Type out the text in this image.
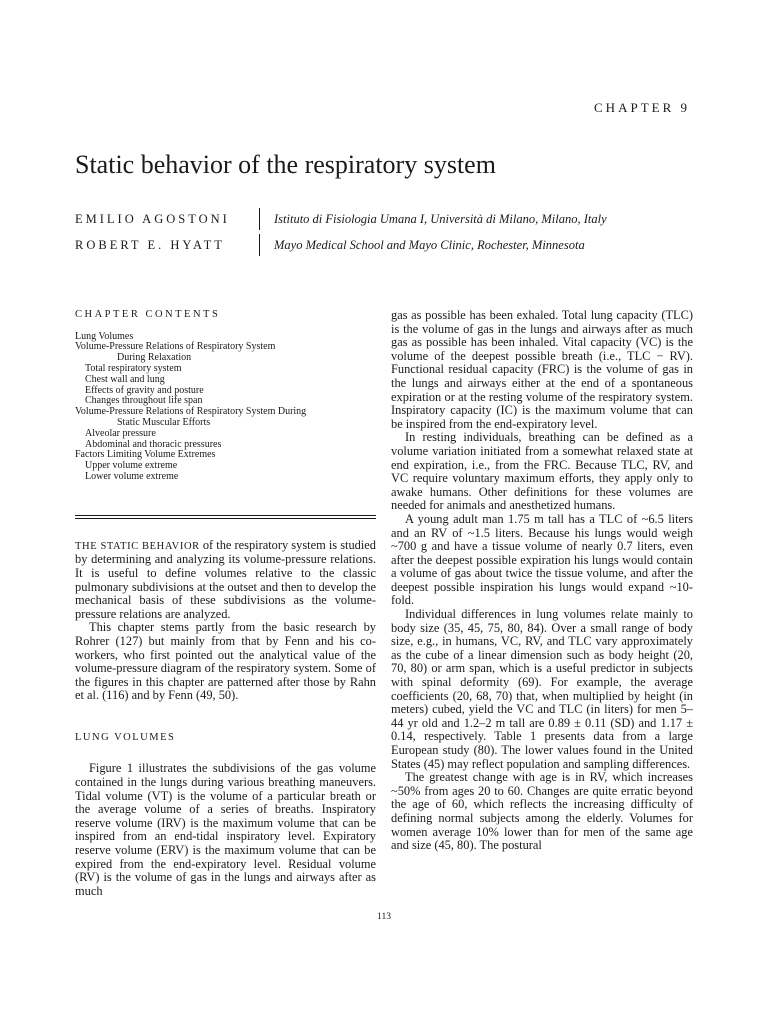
CHAPTER 9
Static behavior of the respiratory system
EMILIO AGOSTONI	Istituto di Fisiologia Umana I, Università di Milano, Milano, Italy
ROBERT E. HYATT	Mayo Medical School and Mayo Clinic, Rochester, Minnesota
CHAPTER CONTENTS
Lung Volumes
Volume-Pressure Relations of Respiratory System
During Relaxation
Total respiratory system
Chest wall and lung
Effects of gravity and posture
Changes throughout life span
Volume-Pressure Relations of Respiratory System During
Static Muscular Efforts
Alveolar pressure
Abdominal and thoracic pressures
Factors Limiting Volume Extremes
Upper volume extreme
Lower volume extreme

THE STATIC BEHAVIOR of the respiratory system is studied by determining and analyzing its volume-pressure relations. It is useful to define volumes relative to the classic pulmonary subdivisions at the outset and then to develop the mechanical basis of these subdivisions as the volume-pressure relations are analyzed.

This chapter stems partly from the basic research by Rohrer (127) but mainly from that by Fenn and his co-workers, who first pointed out the analytical value of the volume-pressure diagram of the respiratory system. Some of the figures in this chapter are patterned after those by Rahn et al. (116) and by Fenn (49, 50).

LUNG VOLUMES

Figure 1 illustrates the subdivisions of the gas volume contained in the lungs during various breathing maneuvers. Tidal volume (VT) is the volume of a particular breath or the average volume of a series of breaths. Inspiratory reserve volume (IRV) is the maximum volume that can be inspired from an end-tidal inspiratory level. Expiratory reserve volume (ERV) is the maximum volume that can be expired from the end-expiratory level. Residual volume (RV) is the volume of gas in the lungs and airways after as much

gas as possible has been exhaled. Total lung capacity (TLC) is the volume of gas in the lungs and airways after as much gas as possible has been inhaled. Vital capacity (VC) is the volume of the deepest possible breath (i.e., TLC − RV). Functional residual capacity (FRC) is the volume of gas in the lungs and airways either at the end of a spontaneous expiration or at the resting volume of the respiratory system. Inspiratory capacity (IC) is the maximum volume that can be inspired from the end-expiratory level.

In resting individuals, breathing can be defined as a volume variation initiated from a somewhat relaxed state at end expiration, i.e., from the FRC. Because TLC, RV, and VC require voluntary maximum efforts, they apply only to awake humans. Other definitions for these volumes are needed for animals and anesthetized humans.

A young adult man 1.75 m tall has a TLC of ~6.5 liters and an RV of ~1.5 liters. Because his lungs would weigh ~700 g and have a tissue volume of nearly 0.7 liters, even after the deepest possible expiration his lungs would contain a volume of gas about twice the tissue volume, and after the deepest possible inspiration his lungs would expand ~10-fold.

Individual differences in lung volumes relate mainly to body size (35, 45, 75, 80, 84). Over a small range of body size, e.g., in humans, VC, RV, and TLC vary approximately as the cube of a linear dimension such as body height (20, 70, 80) or arm span, which is a useful predictor in subjects with spinal deformity (69). For example, the average coefficients (20, 68, 70) that, when multiplied by height (in meters) cubed, yield the VC and TLC (in liters) for men 5–44 yr old and 1.2–2 m tall are 0.89 ± 0.11 (SD) and 1.17 ± 0.14, respectively. Table 1 presents data from a large European study (80). The lower values found in the United States (45) may reflect population and sampling differences.

The greatest change with age is in RV, which increases ~50% from ages 20 to 60. Changes are quite erratic beyond the age of 60, which reflects the increasing difficulty of defining normal subjects among the elderly. Volumes for women average 10% lower than for men of the same age and size (45, 80). The postural

113
